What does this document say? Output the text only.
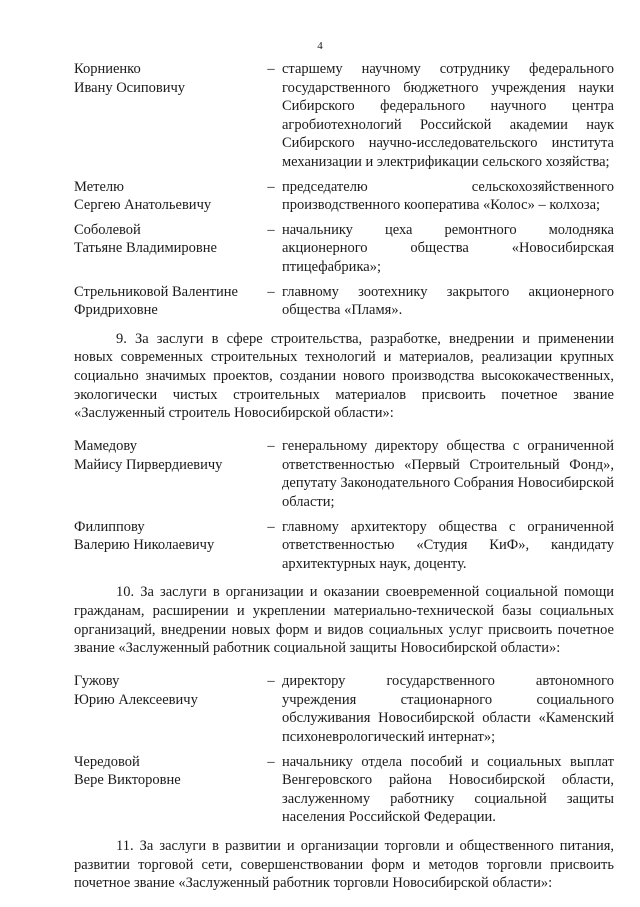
4
Корниенко
Ивану Осиповичу
– старшему научному сотруднику федерального государственного бюджетного учреждения науки Сибирского федерального научного центра агробиотехнологий Российской академии наук Сибирского научно-исследовательского института механизации и электрификации сельского хозяйства;
Метелю
Сергею Анатольевичу
– председателю сельскохозяйственного производственного кооператива «Колос» – колхоза;
Соболевой
Татьяне Владимировне
– начальнику цеха ремонтного молодняка акционерного общества «Новосибирская птицефабрика»;
Стрельниковой Валентине Фридриховне
– главному зоотехнику закрытого акционерного общества «Пламя».

9. За заслуги в сфере строительства, разработке, внедрении и применении новых современных строительных технологий и материалов, реализации крупных социально значимых проектов, создании нового производства высококачественных, экологически чистых строительных материалов присвоить почетное звание «Заслуженный строитель Новосибирской области»:

Мамедову
Майису Пирвердиевичу
– генеральному директору общества с ограниченной ответственностью «Первый Строительный Фонд», депутату Законодательного Собрания Новосибирской области;
Филиппову
Валерию Николаевичу
– главному архитектору общества с ограниченной ответственностью «Студия КиФ», кандидату архитектурных наук, доценту.

10. За заслуги в организации и оказании своевременной социальной помощи гражданам, расширении и укреплении материально-технической базы социальных организаций, внедрении новых форм и видов социальных услуг присвоить почетное звание «Заслуженный работник социальной защиты Новосибирской области»:

Гужову
Юрию Алексеевичу
– директору государственного автономного учреждения стационарного социального обслуживания Новосибирской области «Каменский психоневрологический интернат»;
Чередовой
Вере Викторовне
– начальнику отдела пособий и социальных выплат Венгеровского района Новосибирской области, заслуженному работнику социальной защиты населения Российской Федерации.

11. За заслуги в развитии и организации торговли и общественного питания, развитии торговой сети, совершенствовании форм и методов торговли присвоить почетное звание «Заслуженный работник торговли Новосибирской области»:
